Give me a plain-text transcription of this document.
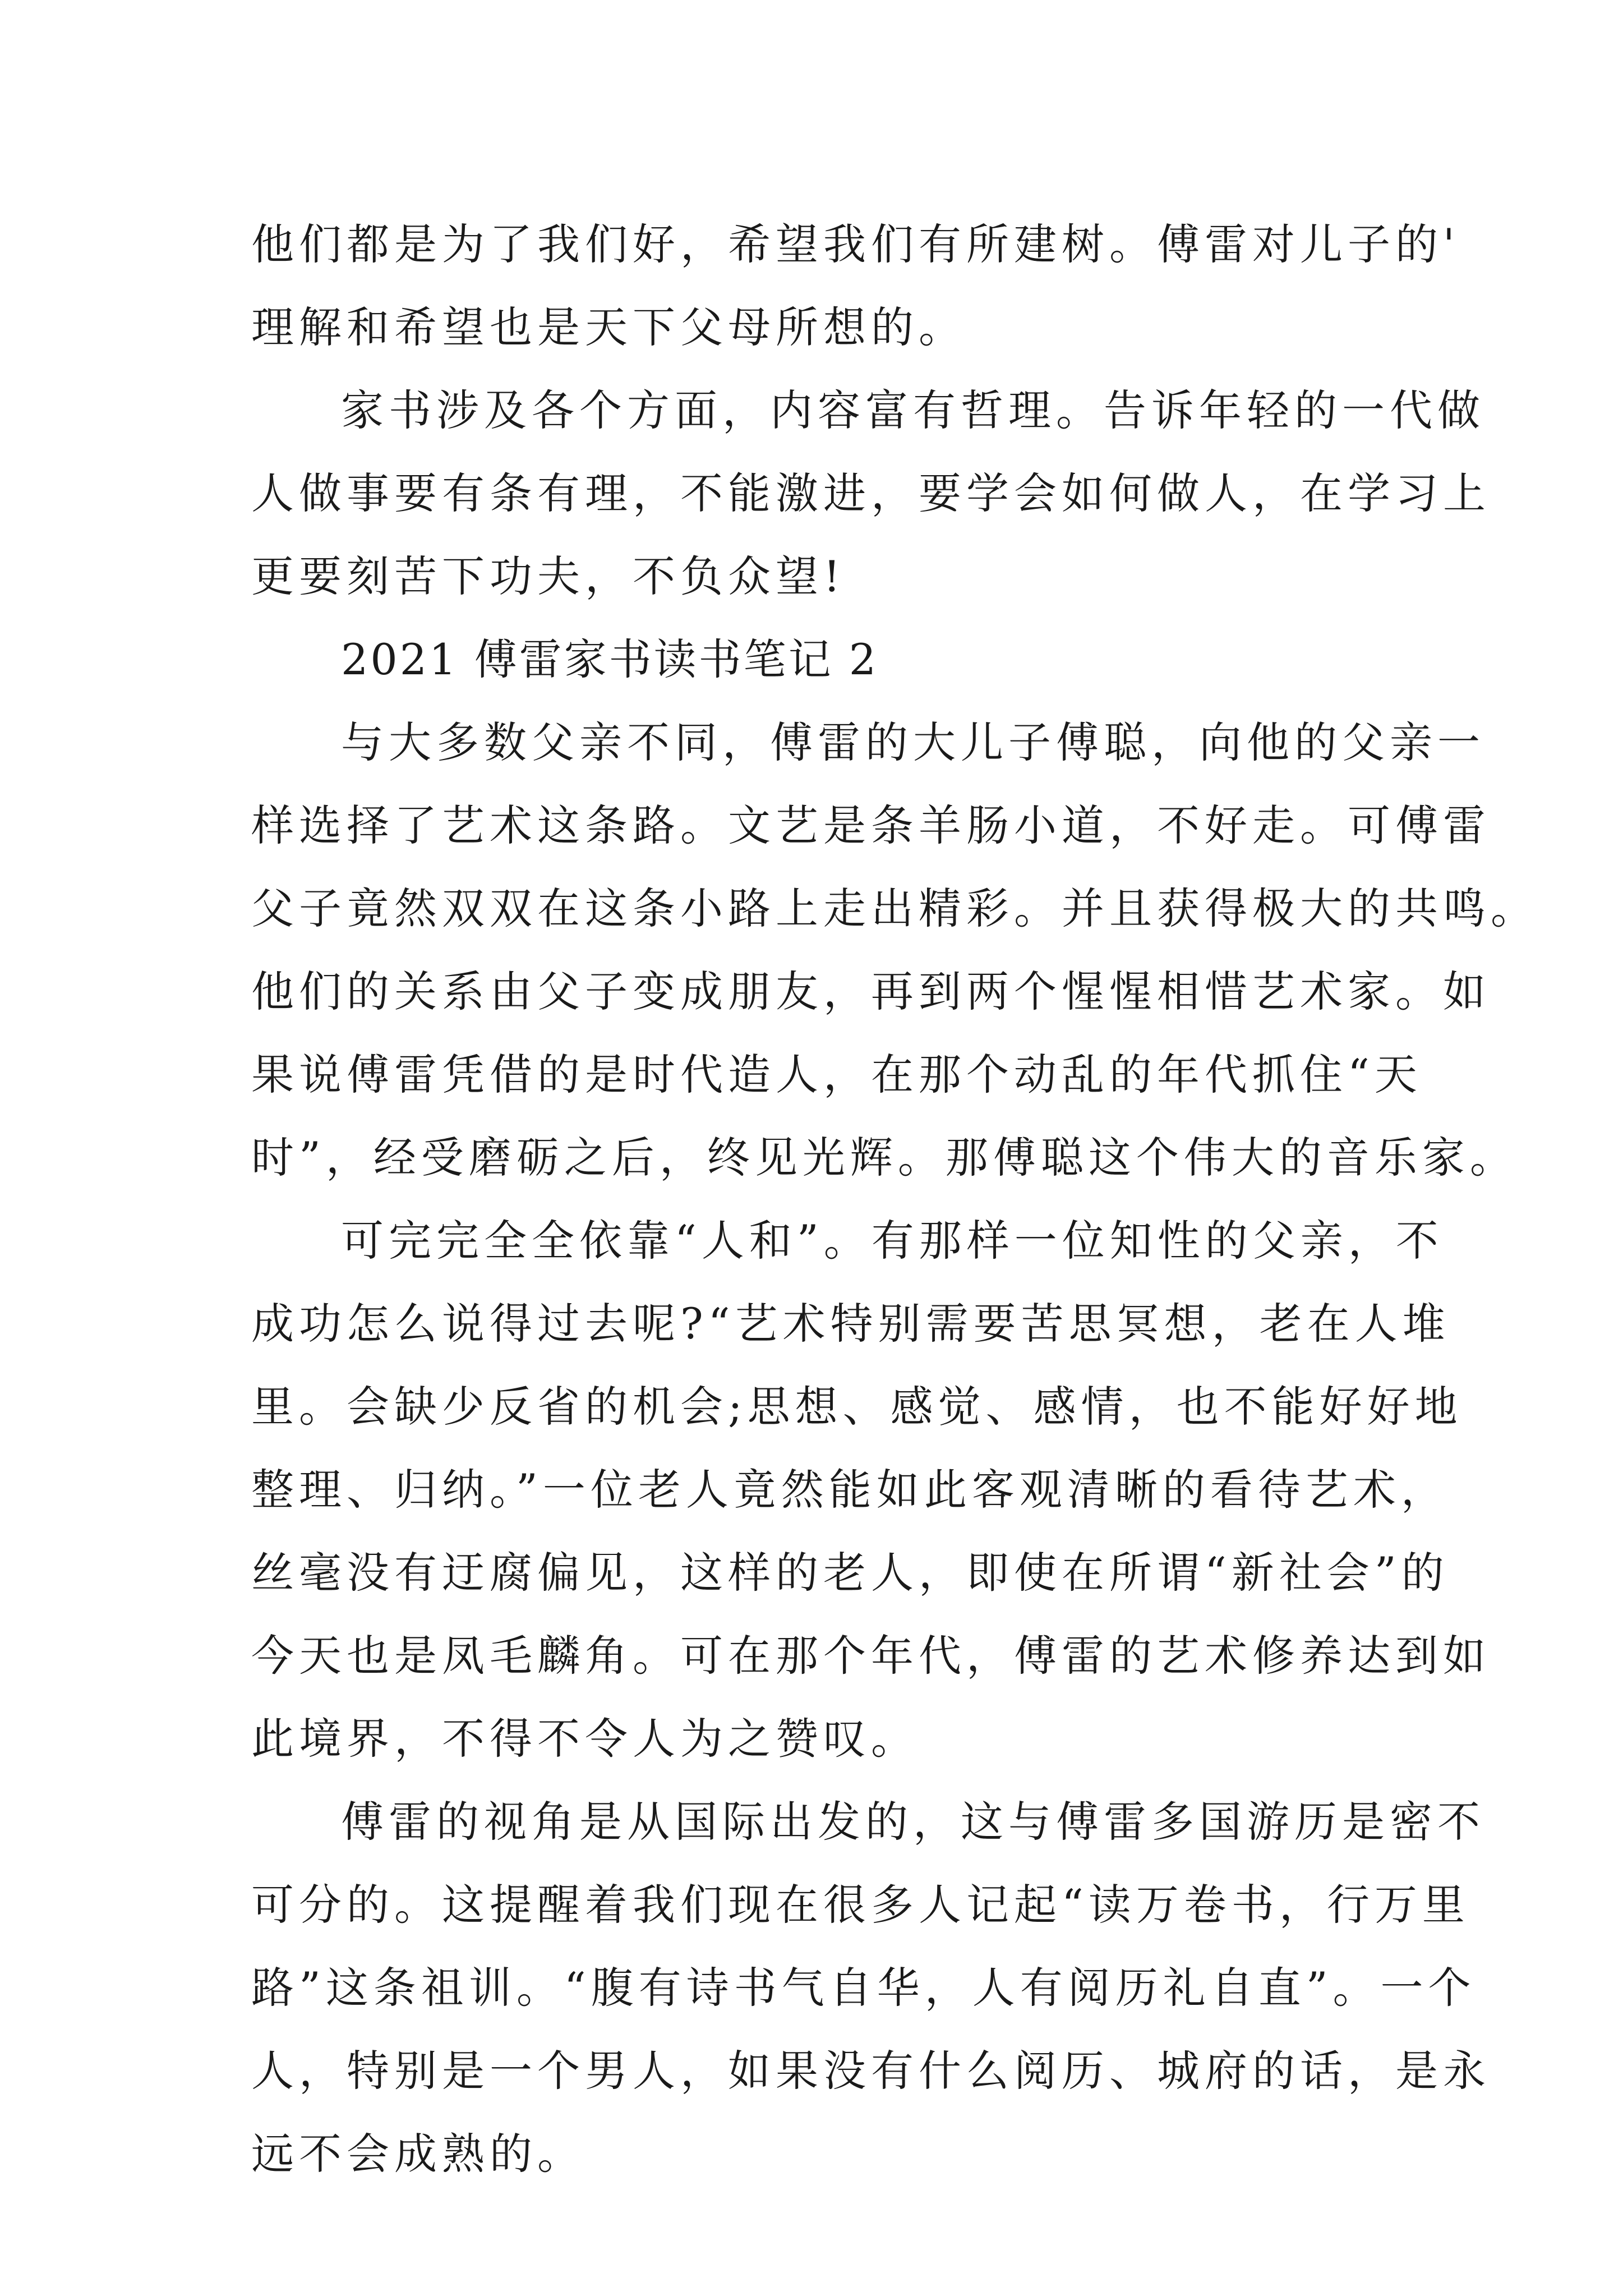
他们都是为了我们好，希望我们有所建树。傅雷对儿子的'
理解和希望也是天下父母所想的。

家书涉及各个方面，内容富有哲理。告诉年轻的一代做
人做事要有条有理，不能激进，要学会如何做人，在学习上
更要刻苦下功夫，不负众望!

2021 傅雷家书读书笔记 2

与大多数父亲不同，傅雷的大儿子傅聪，向他的父亲一
样选择了艺术这条路。文艺是条羊肠小道，不好走。可傅雷
父子竟然双双在这条小路上走出精彩。并且获得极大的共鸣。
他们的关系由父子变成朋友，再到两个惺惺相惜艺术家。如
果说傅雷凭借的是时代造人，在那个动乱的年代抓住“天
时”，经受磨砺之后，终见光辉。那傅聪这个伟大的音乐家。

可完完全全依靠“人和”。有那样一位知性的父亲，不
成功怎么说得过去呢?“艺术特别需要苦思冥想，老在人堆
里。会缺少反省的机会;思想、感觉、感情，也不能好好地
整理、归纳。”一位老人竟然能如此客观清晰的看待艺术，
丝毫没有迂腐偏见，这样的老人，即使在所谓“新社会”的
今天也是凤毛麟角。可在那个年代，傅雷的艺术修养达到如
此境界，不得不令人为之赞叹。

傅雷的视角是从国际出发的，这与傅雷多国游历是密不
可分的。这提醒着我们现在很多人记起“读万卷书，行万里
路”这条祖训。“腹有诗书气自华，人有阅历礼自直”。一个
人，特别是一个男人，如果没有什么阅历、城府的话，是永
远不会成熟的。
